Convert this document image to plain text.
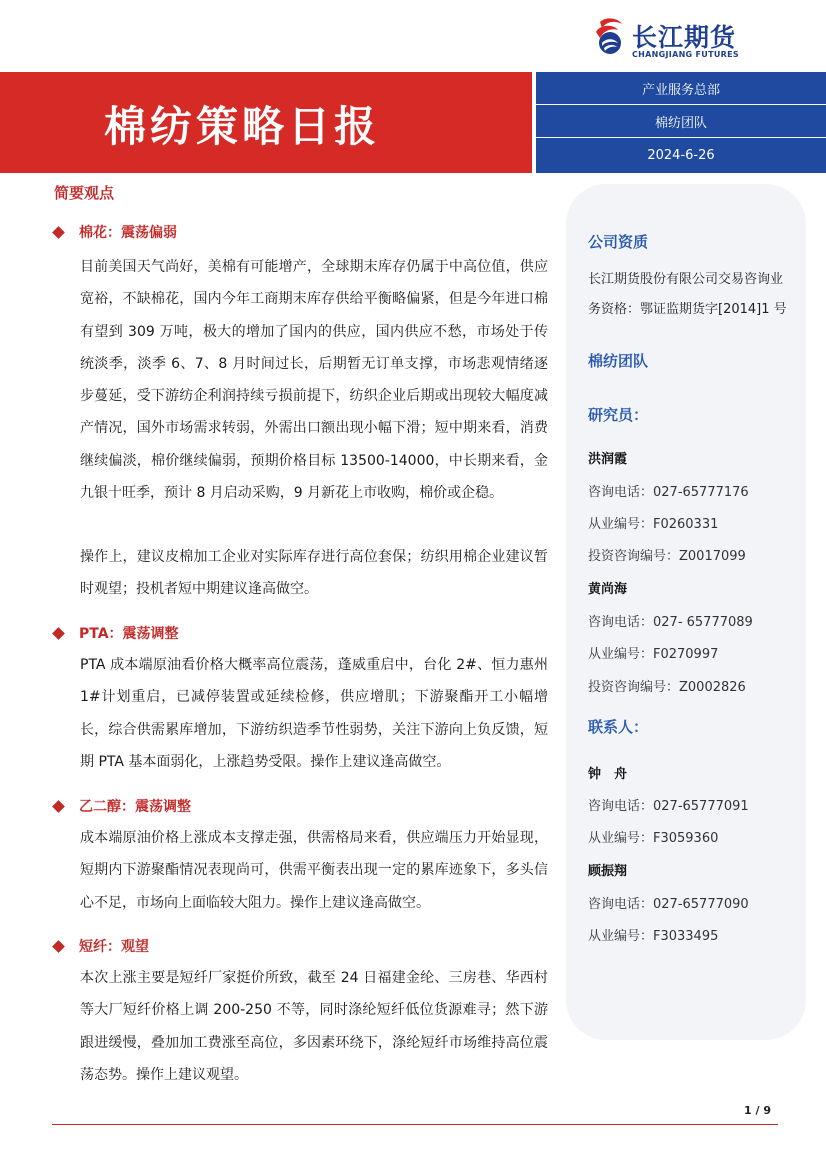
长江期货
CHANGJIANG FUTURES
棉纺策略日报
产业服务总部
棉纺团队
2024-6-26
简要观点
棉花：震荡偏弱
目前美国天气尚好，美棉有可能增产，全球期末库存仍属于中高位值，供应宽裕，不缺棉花，国内今年工商期末库存供给平衡略偏紧，但是今年进口棉有望到 309 万吨，极大的增加了国内的供应，国内供应不愁，市场处于传统淡季，淡季 6、7、8 月时间过长，后期暂无订单支撑，市场悲观情绪逐步蔓延，受下游纺企利润持续亏损前提下，纺织企业后期或出现较大幅度减产情况，国外市场需求转弱，外需出口额出现小幅下滑；短中期来看，消费继续偏淡，棉价继续偏弱，预期价格目标 13500-14000，中长期来看，金九银十旺季，预计 8 月启动采购，9 月新花上市收购，棉价或企稳。
操作上，建议皮棉加工企业对实际库存进行高位套保；纺织用棉企业建议暂时观望；投机者短中期建议逢高做空。
PTA：震荡调整
PTA 成本端原油看价格大概率高位震荡，蓬威重启中，台化 2#、恒力惠州 1#计划重启，已减停装置或延续检修，供应增肌；下游聚酯开工小幅增长，综合供需累库增加，下游纺织造季节性弱势，关注下游向上负反馈，短期 PTA 基本面弱化，上涨趋势受限。操作上建议逢高做空。
乙二醇：震荡调整
成本端原油价格上涨成本支撑走强，供需格局来看，供应端压力开始显现，短期内下游聚酯情况表现尚可，供需平衡表出现一定的累库迹象下，多头信心不足，市场向上面临较大阻力。操作上建议逢高做空。
短纤：观望
本次上涨主要是短纤厂家挺价所致，截至 24 日福建金纶、三房巷、华西村等大厂短纤价格上调 200-250 不等，同时涤纶短纤低位货源难寻；然下游跟进缓慢，叠加加工费涨至高位，多因素环绕下，涤纶短纤市场维持高位震荡态势。操作上建议观望。
公司资质
长江期货股份有限公司交易咨询业
务资格：鄂证监期货字[2014]1 号
棉纺团队
研究员：
洪润霞
咨询电话：027-65777176
从业编号：F0260331
投资咨询编号：Z0017099
黄尚海
咨询电话：027- 65777089
从业编号：F0270997
投资咨询编号：Z0002826
联系人：
钟　舟
咨询电话：027-65777091
从业编号：F3059360
顾振翔
咨询电话：027-65777090
从业编号：F3033495
1 / 9
